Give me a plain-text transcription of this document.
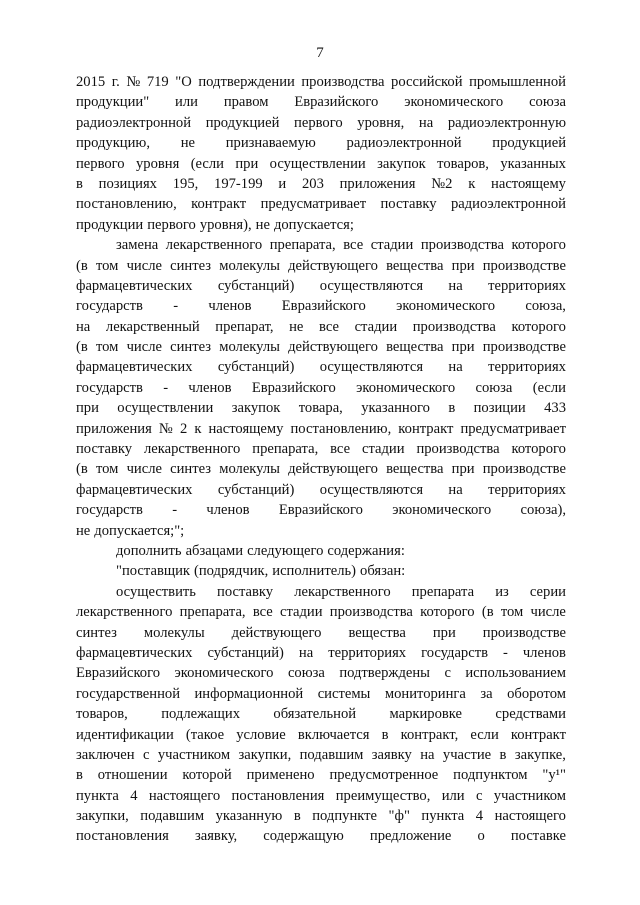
7
2015 г. № 719 "О подтверждении производства российской промышленной
продукции" или правом Евразийского экономического союза
радиоэлектронной продукцией первого уровня, на радиоэлектронную
продукцию, не признаваемую радиоэлектронной продукцией
первого уровня (если при осуществлении закупок товаров, указанных
в позициях 195, 197-199 и 203 приложения №2 к настоящему
постановлению, контракт предусматривает поставку радиоэлектронной
продукции первого уровня), не допускается;
замена лекарственного препарата, все стадии производства которого
(в том числе синтез молекулы действующего вещества при производстве
фармацевтических субстанций) осуществляются на территориях
государств - членов Евразийского экономического союза,
на лекарственный препарат, не все стадии производства которого
(в том числе синтез молекулы действующего вещества при производстве
фармацевтических субстанций) осуществляются на территориях
государств - членов Евразийского экономического союза (если
при осуществлении закупок товара, указанного в позиции 433
приложения № 2 к настоящему постановлению, контракт предусматривает
поставку лекарственного препарата, все стадии производства которого
(в том числе синтез молекулы действующего вещества при производстве
фармацевтических субстанций) осуществляются на территориях
государств - членов Евразийского экономического союза),
не допускается;";
дополнить абзацами следующего содержания:
"поставщик (подрядчик, исполнитель) обязан:
осуществить поставку лекарственного препарата из серии
лекарственного препарата, все стадии производства которого (в том числе
синтез молекулы действующего вещества при производстве
фармацевтических субстанций) на территориях государств - членов
Евразийского экономического союза подтверждены с использованием
государственной информационной системы мониторинга за оборотом
товаров, подлежащих обязательной маркировке средствами
идентификации (такое условие включается в контракт, если контракт
заключен с участником закупки, подавшим заявку на участие в закупке,
в отношении которой применено предусмотренное подпунктом "у¹"
пункта 4 настоящего постановления преимущество, или с участником
закупки, подавшим указанную в подпункте "ф" пункта 4 настоящего
постановления заявку, содержащую предложение о поставке
